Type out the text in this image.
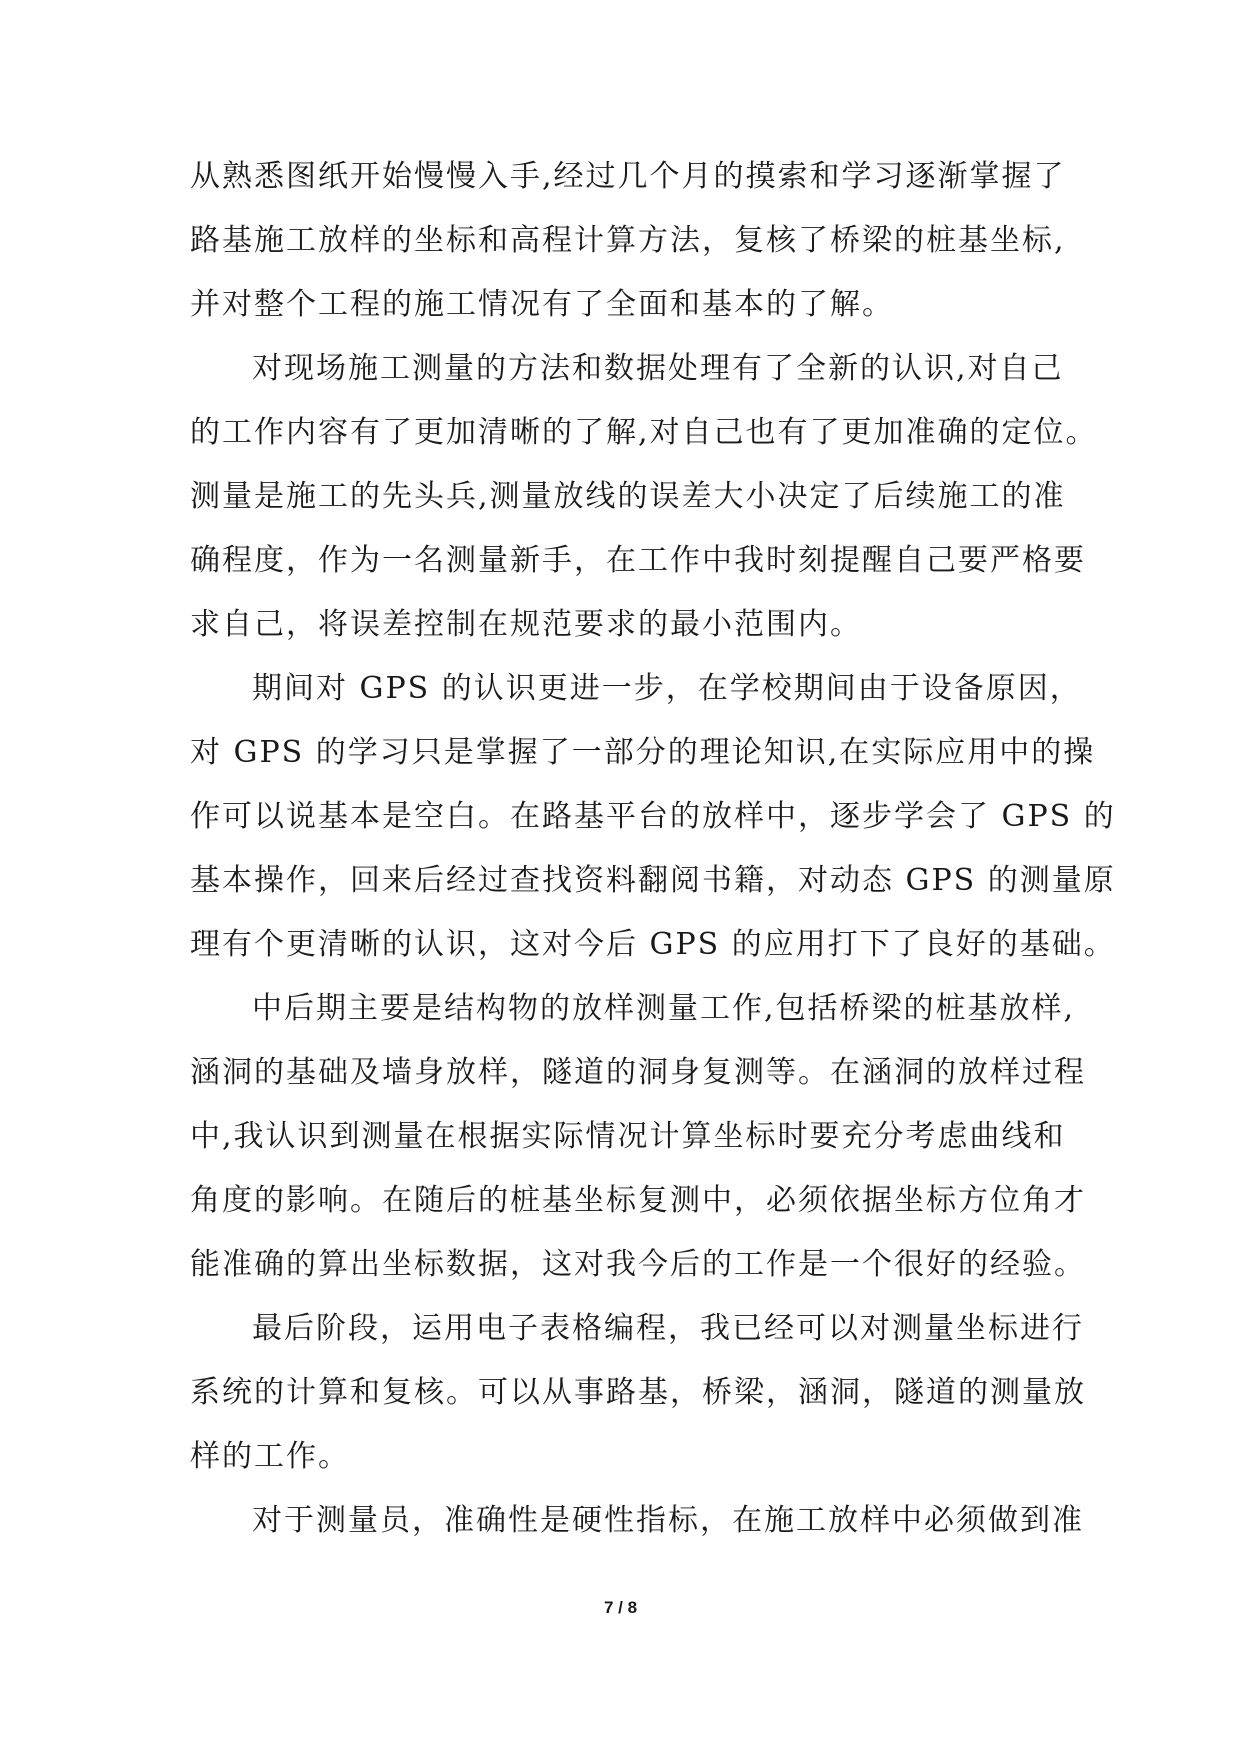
从熟悉图纸开始慢慢入手,经过几个月的摸索和学习逐渐掌握了
路基施工放样的坐标和高程计算方法，复核了桥梁的桩基坐标,
并对整个工程的施工情况有了全面和基本的了解。
对现场施工测量的方法和数据处理有了全新的认识,对自己
的工作内容有了更加清晰的了解,对自己也有了更加准确的定位。
测量是施工的先头兵,测量放线的误差大小决定了后续施工的准
确程度，作为一名测量新手，在工作中我时刻提醒自己要严格要
求自己，将误差控制在规范要求的最小范围内。
期间对 GPS 的认识更进一步，在学校期间由于设备原因，
对 GPS 的学习只是掌握了一部分的理论知识,在实际应用中的操
作可以说基本是空白。在路基平台的放样中，逐步学会了 GPS 的
基本操作，回来后经过查找资料翻阅书籍，对动态 GPS 的测量原
理有个更清晰的认识，这对今后 GPS 的应用打下了良好的基础。
中后期主要是结构物的放样测量工作,包括桥梁的桩基放样,
涵洞的基础及墙身放样，隧道的洞身复测等。在涵洞的放样过程
中,我认识到测量在根据实际情况计算坐标时要充分考虑曲线和
角度的影响。在随后的桩基坐标复测中，必须依据坐标方位角才
能准确的算出坐标数据，这对我今后的工作是一个很好的经验。
最后阶段，运用电子表格编程，我已经可以对测量坐标进行
系统的计算和复核。可以从事路基，桥梁，涵洞，隧道的测量放
样的工作。
对于测量员，准确性是硬性指标，在施工放样中必须做到准
7 / 8
